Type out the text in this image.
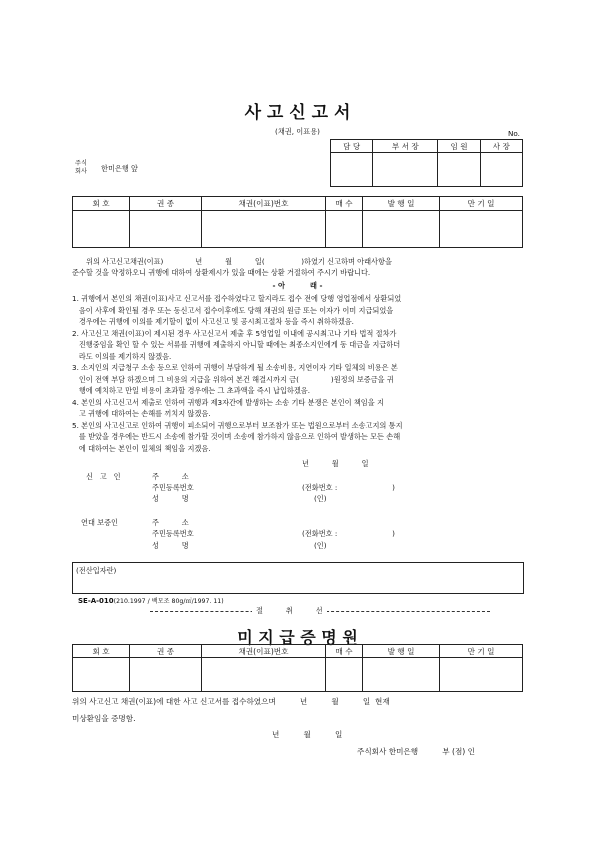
사 고 신 고 서
(채권, 이표용)	No.
담 당	부 서 장	임 원	사 장

주식
회사 한미은행 앞
회 호	권 종	채권(이표)번호	매 수	발 행 일	만 기 일

위의 사고신고채권(이표)              년          월          일(                )하였기 신고하며 아래사항을
준수할 것을 약정하오니 귀행에 대하여 상환제시가 있을 때에는 상환 거절하여 주시기 바랍니다.
- 아          래 -

1. 귀행에서 본인의 채권(이표)사고 신고서를 접수하였다고 할지라도 접수 전에 당행 영업점에서 상환되었

음이 사후에 확인될 경우 또는 동신고서 접수이후에도 당해 채권의 원금 또는 이자가 이미 지급되었을

경우에는 귀행에 이의를 제기할이 없이 사고신고 및 공시최고절차 등을 즉시 취하하겠음.

2. 사고신고 채권(이표)이 제시된 경우 사고신고서 제출 후 5영업일 이내에 공시최고나 기타 법적 절차가

진행중임을 확인 할 수 있는 서류를 귀행에 제출하지 아니할 때에는 최종소지인에게 동 대금을 지급하더

라도 이의를 제기하지 않겠음.

3. 소지인의 지급청구 소송 등으로 인하여 귀행이 부담하게 될 소송비용, 지연이자 기타 일체의 비용은 본

인이 전액 부담 하겠으며 그 비용의 지급을 위하여 본건 해결시까지 금(              )원정의 보증금을 귀

행에 예치하고 만일 비용이 초과할 경우에는 그 초과액을 즉시 납입하겠음.

4. 본인의 사고신고서 제출로 인하여 귀행과 제3자간에 발생하는 소송 기타 분쟁은 본인이 책임을 지

고 귀행에 대하여는 손해를 끼치지 않겠음.

5. 본인의 사고신고로 인하여 귀행이 피소되어 귀행으로부터 보조참가 또는 법원으로부터 소송고지의 통지

를 받았을 경우에는 반드시 소송에 참가할 것이며 소송에 참가하지 않음으로 인하여 발생하는 모든 손해

에 대하여는 본인이 일체의 책임을 지겠음.

년          월          일
신   고   인	주          소
주민등록번호	(전화번호 :                        )
성          명	(인)
연대 보증인	주          소
주민등록번호	(전화번호 :                        )
성          명	(인)
(전산입자란)
SE-A-010(210.1997 / 백모조 80g/㎡/1997. 11)
절          취          선
미 지 급 증 명 원
회 호	권 종	채권(이표)번호	매 수	발 행 일	만 기 일

위의 사고신고 채권(이표)에 대한 사고 신고서를 접수하였으며          년          월          일  현재
미상환임을 증명함.
년          월          일
주식회사 한미은행          부 (점) 인
